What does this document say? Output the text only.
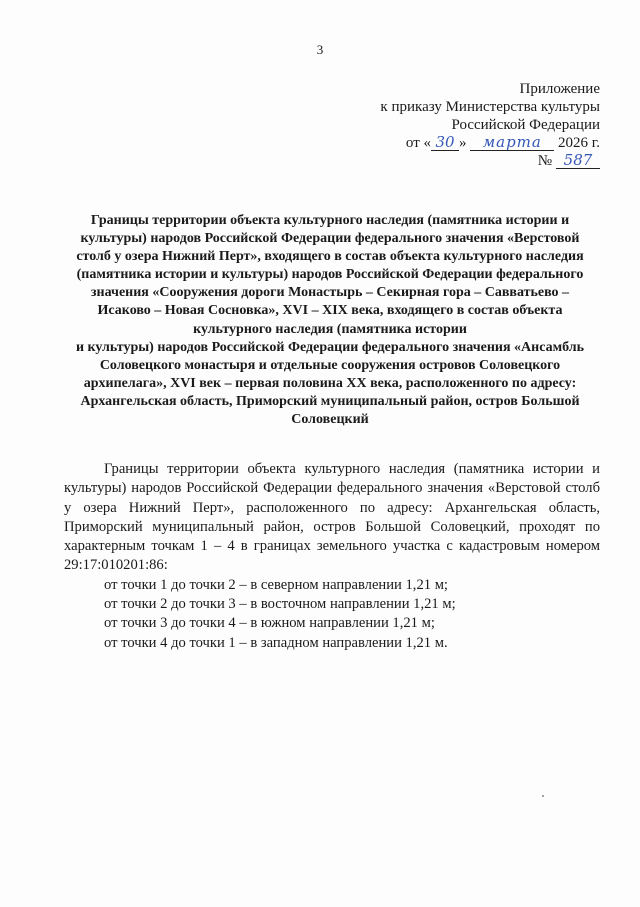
3
Приложение
к приказу Министерства культуры
Российской Федерации
от « 30 » марта 2026 г.
№ 587
Границы территории объекта культурного наследия (памятника истории и
культуры) народов Российской Федерации федерального значения «Верстовой
столб у озера Нижний Перт», входящего в состав объекта культурного наследия
(памятника истории и культуры) народов Российской Федерации федерального
значения «Сооружения дороги Монастырь – Секирная гора – Савватьево –
Исаково – Новая Сосновка», XVI – XIX века, входящего в состав объекта
культурного наследия (памятника истории
и культуры) народов Российской Федерации федерального значения «Ансамбль
Соловецкого монастыря и отдельные сооружения островов Соловецкого
архипелага», XVI век – первая половина XX века, расположенного по адресу:
Архангельская область, Приморский муниципальный район, остров Большой
Соловецкий

Границы территории объекта культурного наследия (памятника истории и культуры) народов Российской Федерации федерального значения «Верстовой столб у озера Нижний Перт», расположенного по адресу: Архангельская область, Приморский муниципальный район, остров Большой Соловецкий, проходят по характерным точкам 1 – 4 в границах земельного участка с кадастровым номером 29:17:010201:86:

от точки 1 до точки 2 – в северном направлении 1,21 м;
от точки 2 до точки 3 – в восточном направлении 1,21 м;
от точки 3 до точки 4 – в южном направлении 1,21 м;
от точки 4 до точки 1 – в западном направлении 1,21 м.
